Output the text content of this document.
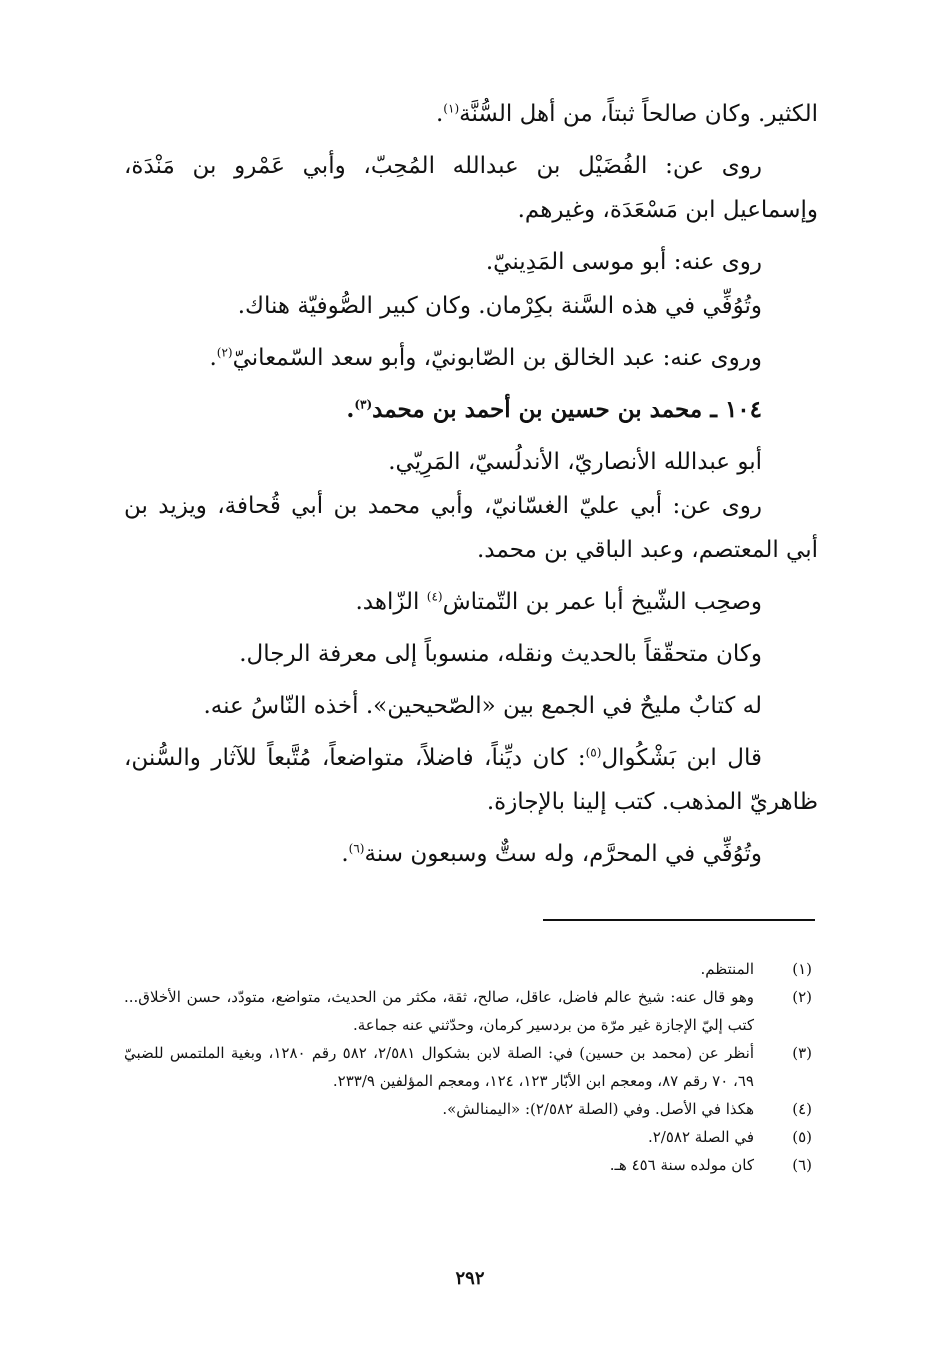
الكثير. وكان صالحاً ثبتاً، من أهل السُّنَّة$^{(١)}$.

روى عن: الفُضَيْل بن عبدالله المُحِبّ، وأبي عَمْرو بن مَنْدَة، وإسماعيل ابن مَسْعَدَة، وغيرهم.

روى عنه: أبو موسى المَدِينيّ.

وتُوُفِّي في هذه السَّنة بكِرْمان. وكان كبير الصُّوفيّة هناك.

وروى عنه: عبد الخالق بن الصّابونيّ، وأبو سعد السّمعانيّ$^{(٢)}$.

١٠٤ ـ محمد بن حسين بن أحمد بن محمد$^{(٣)}$.

أبو عبدالله الأنصاريّ، الأندلُسيّ، المَرِيّي.

روى عن: أبي عليّ الغسّانيّ، وأبي محمد بن أبي قُحافة، ويزيد بن أبي المعتصم، وعبد الباقي بن محمد.

وصحِب الشّيخ أبا عمر بن التّمتاش$^{(٤)}$ الزّاهد.

وكان متحقّقاً بالحديث ونقله، منسوباً إلى معرفة الرجال.

له كتابٌ مليحٌ في الجمع بين «الصّحيحين». أخذه النّاسُ عنه.

قال ابن بَشْكُوال$^{(٥)}$: كان ديِّناً، فاضلاً، متواضعاً، مُتَّبعاً للآثار والسُّنن، ظاهريّ المذهب. كتب إلينا بالإجازة.

وتُوُفِّي في المحرَّم، وله ستٌّ وسبعون سنة$^{(٦)}$.

(١)
المنتظم.
(٢)
وهو قال عنه: شيخ عالم فاضل، عاقل، صالح، ثقة، مكثر من الحديث، متواضع، متودّد، حسن الأخلاق... كتب إليّ الإجازة غير مرّة من بردسير كرمان، وحدّثني عنه جماعة.
(٣)
أنظر عن (محمد بن حسين) في: الصلة لابن بشكوال ٢/٥٨١، ٥٨٢ رقم ١٢٨٠، وبغية الملتمس للضبيّ ٦٩، ٧٠ رقم ٨٧، ومعجم ابن الأبّار ١٢٣، ١٢٤، ومعجم المؤلفين ٢٣٣/٩.
(٤)
هكذا في الأصل. وفي (الصلة ٢/٥٨٢): «اليمنالش».
(٥)
في الصلة ٢/٥٨٢.
(٦)
كان مولده سنة ٤٥٦ هـ.
٢٩٢
